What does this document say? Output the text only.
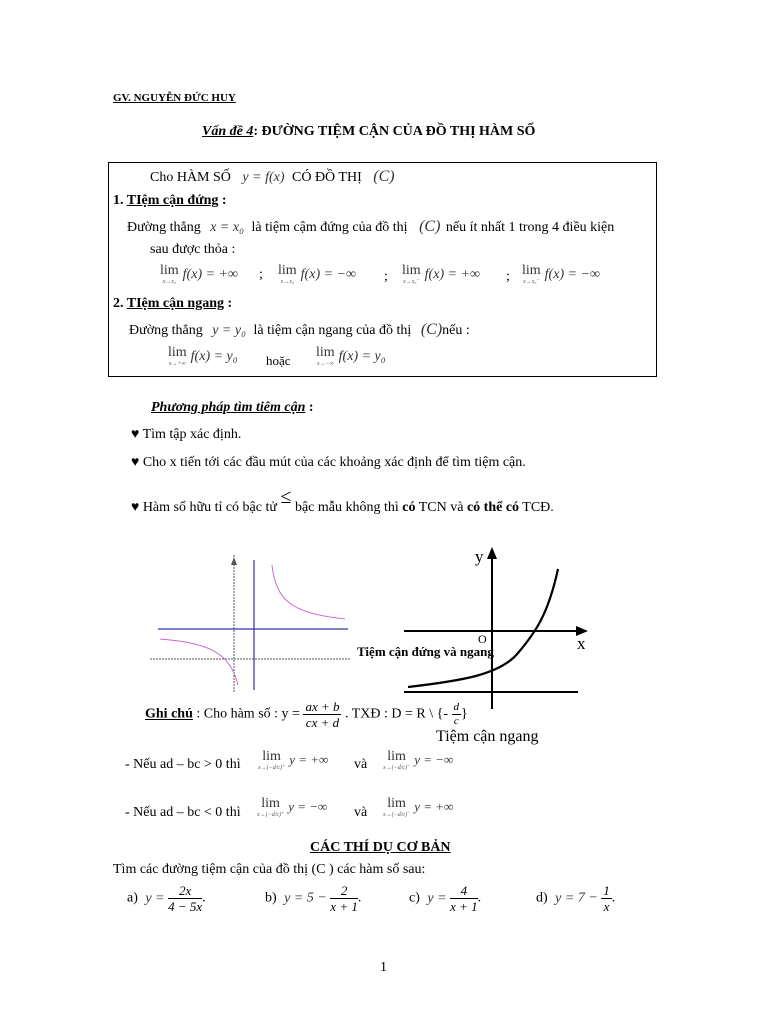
GV. NGUYỄN ĐỨC HUY
Vấn đề 4: ĐƯỜNG TIỆM CẬN CỦA ĐỒ THỊ HÀM SỐ
Cho HÀM SỐ y = f(x) CÓ ĐỒ THỊ (C)
1. TIệm cận đứng :
Đường thẳng x = x₀ là tiệm cậm đứng của đồ thị (C) nếu ít nhất 1 trong 4 điều kiện
sau được thỏa :
lim
x→x₀ f(x) = +∞ ; lim
x→x₀ f(x) = −∞ ; lim
x→x₀⁻ f(x) = +∞ ; lim
x→x₀⁻ f(x) = −∞
2. TIệm cận ngang :
Đường thẳng y = y₀ là tiệm cận ngang của đồ thị (C)nếu :
lim
x→+∞ f(x) = y₀ hoặc
lim
x→−∞ f(x) = y₀
Phương pháp tìm tiêm cận :
♥ Tìm tập xác định.
♥ Cho x tiến tới các đầu mút của các khoảng xác định để tìm tiệm cận.
♥ Hàm số hữu tỉ có bậc tử ≤ bậc mẫu không thì có TCN và có thể có TCĐ.
y
x
O
Tiệm cận đứng và ngang
Tiệm cận ngang
Ghi chú : Cho hàm số : $y = \frac{ax + b}{cx + d}$ . TXĐ : D = R \ {- $\frac{d}{c}$ }
- Nếu ad – bc > 0 thì
lim
x→(−d/c)⁺
y = +∞ và
lim
x→(−d/c)⁻
y = −∞
- Nếu ad – bc < 0 thì
lim
x→(−d/c)⁺
y = −∞ và
lim
x→(−d/c)⁻
y = +∞
CÁC THÍ DỤ CƠ BẢN
Tìm các đường tiệm cận của đồ thị (C ) các hàm số sau:
a) $y = \frac{2x}{4 - 5x}$ .	b) $y = 5 - \frac{2}{x + 1}$ .	c) $y = \frac{4}{x + 1}$ .	d) $y = 7 - \frac{1}{x}$ .
1
